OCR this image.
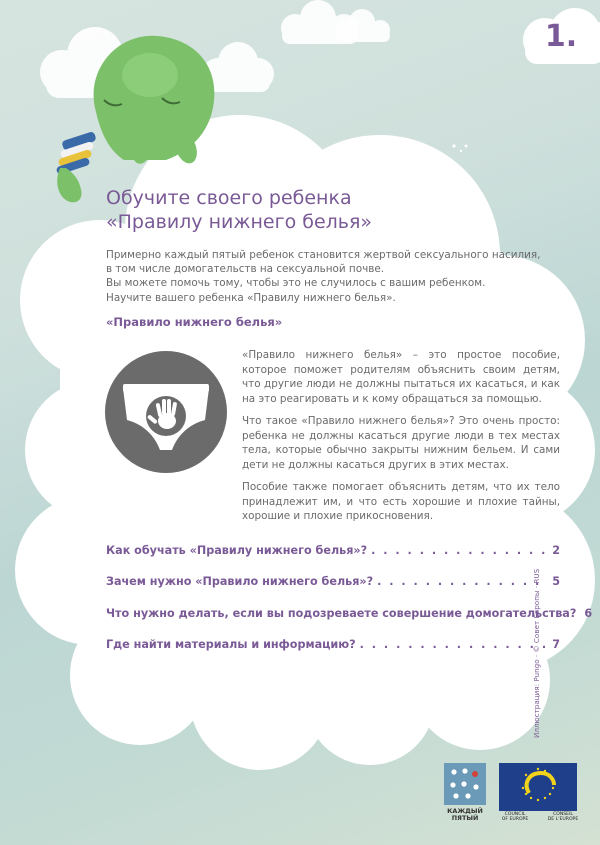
1.
Обучите своего ребенка
«Правилу нижнего белья»
Примерно каждый пятый ребенок становится жертвой сексуального насилия,
в том числе домогательств на сексуальной почве.
Вы можете помочь тому, чтобы это не случилось с вашим ребенком.
Научите вашего ребенка «Правилу нижнего белья».
«Правило нижнего белья»

«Правило нижнего белья» – это простое пособие, которое поможет родителям объяснить своим детям, что другие люди не должны пытаться их касаться, и как на это реагировать и к кому обращаться за помощью.

Что такое «Правило нижнего белья»? Это очень просто: ребенка не должны касаться другие люди в тех местах тела, которые обычно закрыты нижним бельем. И сами дети не должны касаться других в этих местах.

Пособие также помогает объяснить детям, что их тело принадлежит им, и что есть хорошие и плохие тайны, хорошие и плохие прикосновения.

Как обучать «Правилу нижнего белья»? . . .	2
Зачем нужно «Правило нижнего белья»? . . .	5
Что нужно делать, если вы подозреваете совершение домогательства? 6
Где найти материалы и информацию? . . .	7
Иллюстрация: Pungo · © Совет Европы · RUS
КАЖДЫЙ
ПЯТЫЙ	COUNCIL
OF EUROPE
CONSEIL
DE L'EUROPE
